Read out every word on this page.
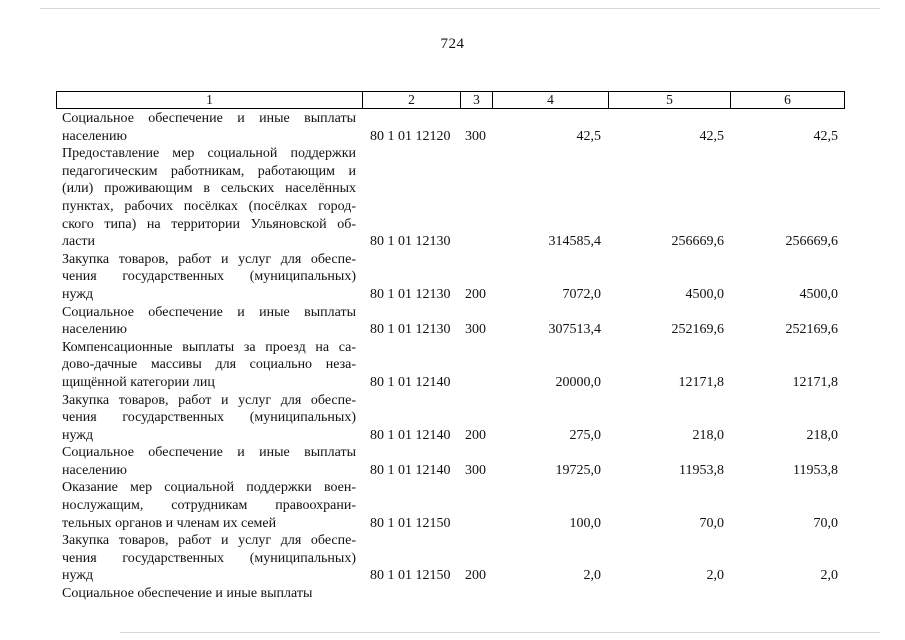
724
1	2	3	4	5	6
Социальное обеспечение и иные выплаты
населению	80 1 01 12120 300	42,5	42,5	42,5
Предоставление мер социальной поддержки
педагогическим работникам, работающим и
(или) проживающим в сельских населённых
пунктах, рабочих посёлках (посёлках город-
ского типа) на территории Ульяновской об-
ласти	80 1 01 12130	314585,4	256669,6	256669,6
Закупка товаров, работ и услуг для обеспе-
чения государственных (муниципальных)
нужд	80 1 01 12130 200	7072,0	4500,0	4500,0
Социальное обеспечение и иные выплаты
населению	80 1 01 12130 300	307513,4	252169,6	252169,6
Компенсационные выплаты за проезд на са-
дово-дачные массивы для социально неза-
щищённой категории лиц	80 1 01 12140	20000,0	12171,8	12171,8
Закупка товаров, работ и услуг для обеспе-
чения государственных (муниципальных)
нужд	80 1 01 12140 200	275,0	218,0	218,0
Социальное обеспечение и иные выплаты
населению	80 1 01 12140 300	19725,0	11953,8	11953,8
Оказание мер социальной поддержки воен-
нослужащим, сотрудникам правоохрани-
тельных органов и членам их семей	80 1 01 12150	100,0	70,0	70,0
Закупка товаров, работ и услуг для обеспе-
чения государственных (муниципальных)
нужд	80 1 01 12150 200	2,0	2,0	2,0
Социальное обеспечение и иные выплаты
